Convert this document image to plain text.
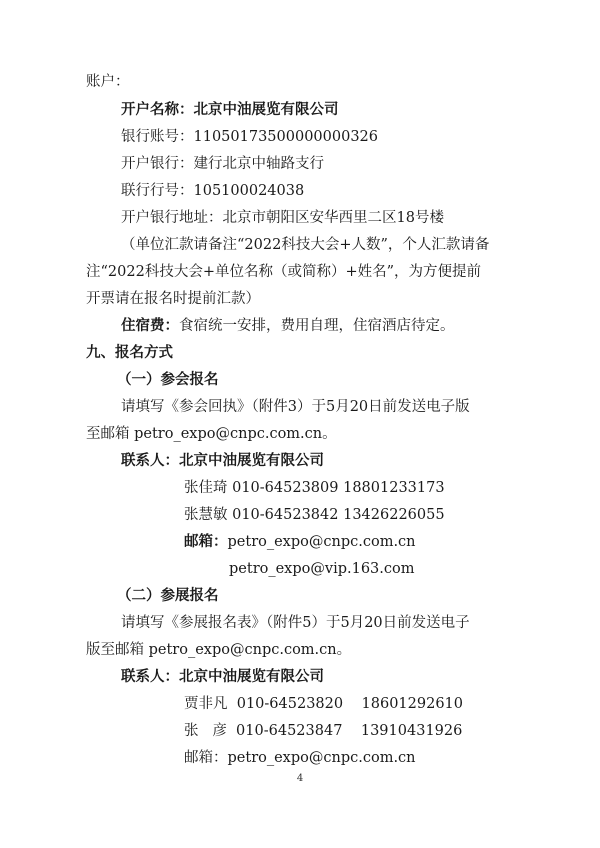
账户：
开户名称：北京中油展览有限公司
银行账号：11050173500000000326
开户银行：建行北京中轴路支行
联行行号：105100024038
开户银行地址：北京市朝阳区安华西里二区18号楼
（单位汇款请备注“2022科技大会+人数”，个人汇款请备
注“2022科技大会+单位名称（或简称）+姓名”，为方便提前
开票请在报名时提前汇款）
住宿费：食宿统一安排，费用自理，住宿酒店待定。
九、报名方式
（一）参会报名
请填写《参会回执》（附件3）于5月20日前发送电子版
至邮箱 petro_expo@cnpc.com.cn。
联系人：北京中油展览有限公司
张佳琦 010-64523809 18801233173
张慧敏 010-64523842 13426226055
邮箱：petro_expo@cnpc.com.cn
petro_expo@vip.163.com
（二）参展报名
请填写《参展报名表》（附件5）于5月20日前发送电子
版至邮箱 petro_expo@cnpc.com.cn。
联系人：北京中油展览有限公司
贾非凡  010-64523820    18601292610
张   彦  010-64523847    13910431926
邮箱：petro_expo@cnpc.com.cn
4
